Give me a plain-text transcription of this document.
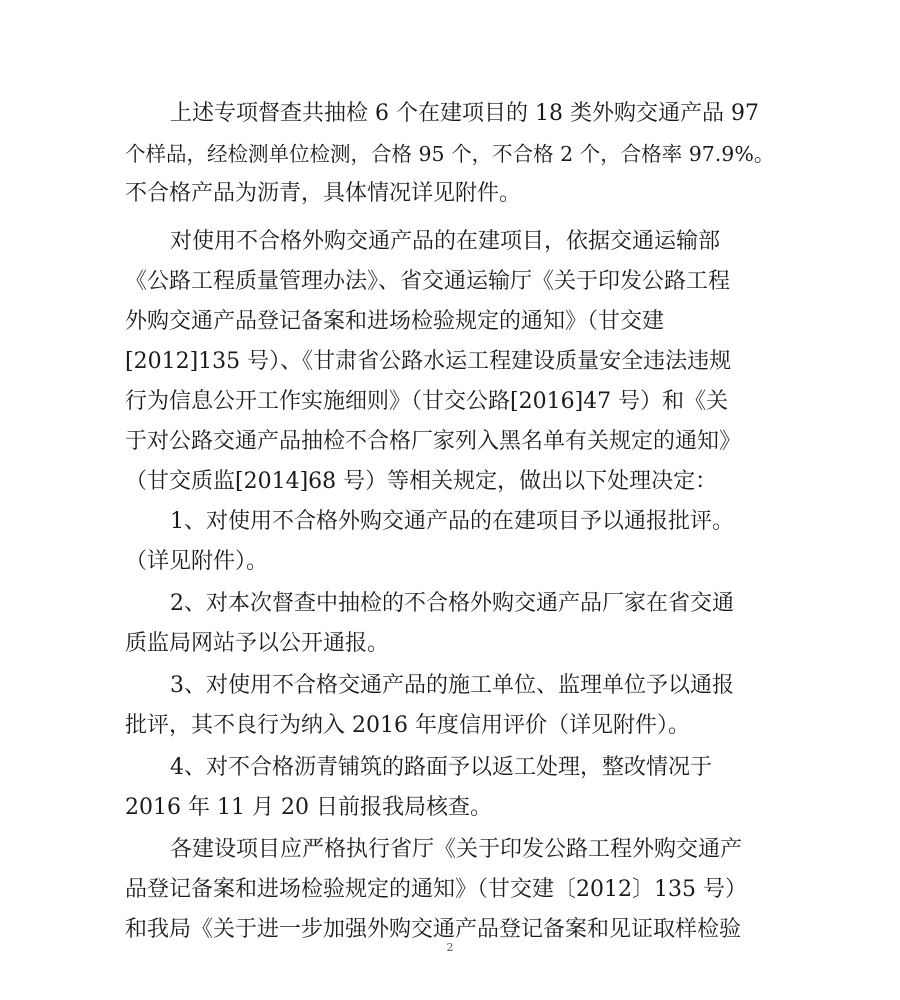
上述专项督查共抽检 6 个在建项目的 18 类外购交通产品 97
个样品，经检测单位检测，合格 95 个，不合格 2 个，合格率 97.9%。
不合格产品为沥青，具体情况详见附件。
对使用不合格外购交通产品的在建项目，依据交通运输部
《公路工程质量管理办法》、省交通运输厅《关于印发公路工程
外购交通产品登记备案和进场检验规定的通知》（甘交建
[2012]135 号）、《甘肃省公路水运工程建设质量安全违法违规
行为信息公开工作实施细则》（甘交公路[2016]47 号）和《关
于对公路交通产品抽检不合格厂家列入黑名单有关规定的通知》
（甘交质监[2014]68 号）等相关规定，做出以下处理决定：
1、对使用不合格外购交通产品的在建项目予以通报批评。
（详见附件）。
2、对本次督查中抽检的不合格外购交通产品厂家在省交通
质监局网站予以公开通报。
3、对使用不合格交通产品的施工单位、监理单位予以通报
批评，其不良行为纳入 2016 年度信用评价（详见附件）。
4、对不合格沥青铺筑的路面予以返工处理，整改情况于
2016 年 11 月 20 日前报我局核查。
各建设项目应严格执行省厅《关于印发公路工程外购交通产
品登记备案和进场检验规定的通知》（甘交建〔2012〕135 号）
和我局《关于进一步加强外购交通产品登记备案和见证取样检验
2
